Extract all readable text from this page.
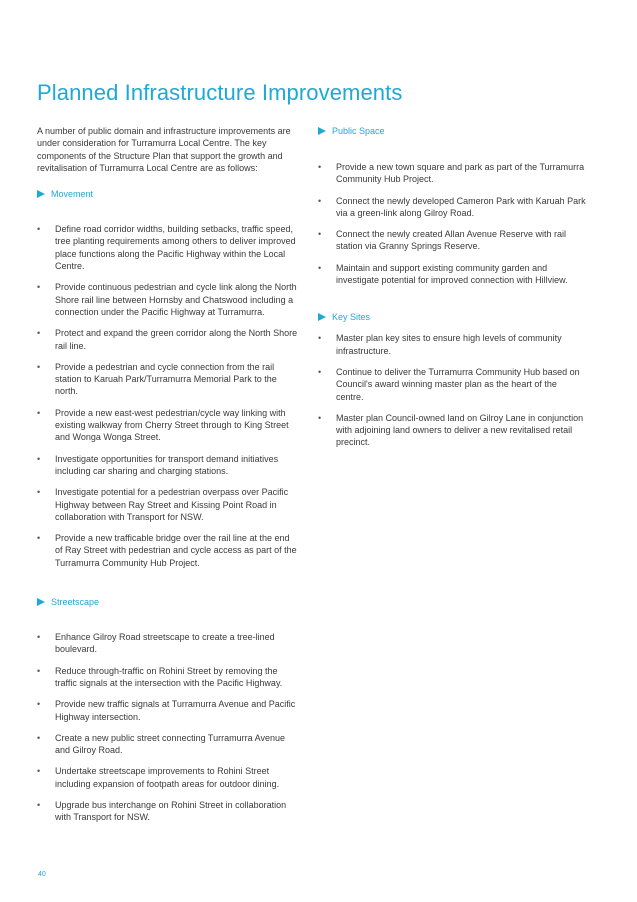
Planned Infrastructure Improvements

A number of public domain and infrastructure improvements are under consideration for Turramurra Local Centre. The key components of the Structure Plan that support the growth and revitalisation of Turramurra Local Centre are as follows:

Movement
• Define road corridor widths, building setbacks, traffic speed, tree planting requirements among others to deliver improved place functions along the Pacific Highway within the Local Centre.
• Provide continuous pedestrian and cycle link along the North Shore rail line between Hornsby and Chatswood including a connection under the Pacific Highway at Turramurra.
• Protect and expand the green corridor along the North Shore rail line.
• Provide a pedestrian and cycle connection from the rail station to Karuah Park/Turramurra Memorial Park to the north.
• Provide a new east-west pedestrian/cycle way linking with existing walkway from Cherry Street through to King Street and Wonga Wonga Street.
• Investigate opportunities for transport demand initiatives including car sharing and charging stations.
• Investigate potential for a pedestrian overpass over Pacific Highway between Ray Street and Kissing Point Road in collaboration with Transport for NSW.
• Provide a new trafficable bridge over the rail line at the end of Ray Street with pedestrian and cycle access as part of the Turramurra Community Hub Project.
Streetscape
• Enhance Gilroy Road streetscape to create a tree-lined boulevard.
• Reduce through-traffic on Rohini Street by removing the traffic signals at the intersection with the Pacific Highway.
• Provide new traffic signals at Turramurra Avenue and Pacific Highway intersection.
• Create a new public street connecting Turramurra Avenue and Gilroy Road.
• Undertake streetscape improvements to Rohini Street including expansion of footpath areas for outdoor dining.
• Upgrade bus interchange on Rohini Street in collaboration with Transport for NSW.
Public Space
• Provide a new town square and park as part of the Turramurra Community Hub Project.
• Connect the newly developed Cameron Park with Karuah Park via a green-link along Gilroy Road.
• Connect the newly created Allan Avenue Reserve with rail station via Granny Springs Reserve.
• Maintain and support existing community garden and investigate potential for improved connection with Hillview.
Key Sites
• Master plan key sites to ensure high levels of community infrastructure.
• Continue to deliver the Turramurra Community Hub based on Council's award winning master plan as the heart of the centre.
• Master plan Council-owned land on Gilroy Lane in conjunction with adjoining land owners to deliver a new revitalised retail precinct.
40
